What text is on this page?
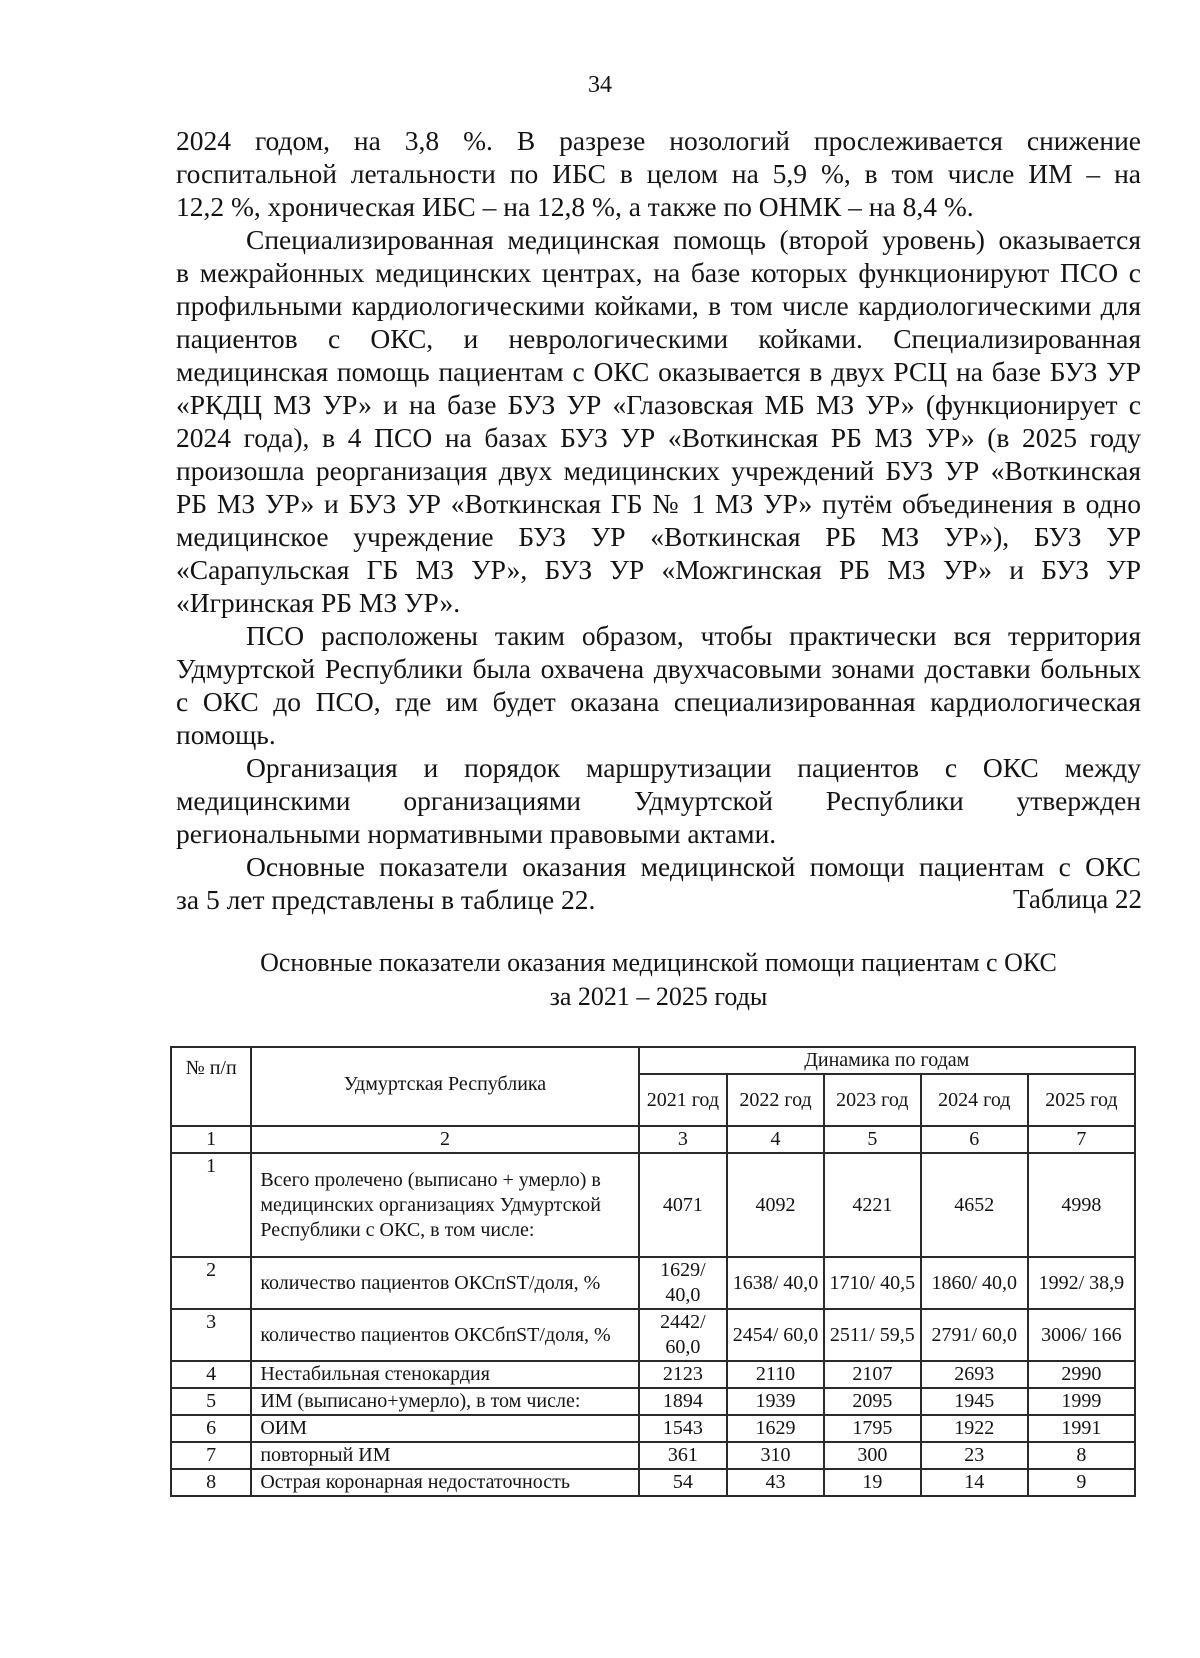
34

2024 годом, на 3,8 %. В разрезе нозологий прослеживается снижение

госпитальной летальности по ИБС в целом на 5,9 %, в том числе ИМ – на

12,2 %, хроническая ИБС – на 12,8 %, а также по ОНМК – на 8,4 %.

Специализированная медицинская помощь (второй уровень) оказывается

в межрайонных медицинских центрах, на базе которых функционируют ПСО с

профильными кардиологическими койками, в том числе кардиологическими для

пациентов с ОКС, и неврологическими койками. Специализированная

медицинская помощь пациентам с ОКС оказывается в двух РСЦ на базе БУЗ УР

«РКДЦ МЗ УР» и на базе БУЗ УР «Глазовская МБ МЗ УР» (функционирует с

2024 года), в 4 ПСО на базах БУЗ УР «Воткинская РБ МЗ УР» (в 2025 году

произошла реорганизация двух медицинских учреждений БУЗ УР «Воткинская

РБ МЗ УР» и БУЗ УР «Воткинская ГБ № 1 МЗ УР» путём объединения в одно

медицинское учреждение БУЗ УР «Воткинская РБ МЗ УР»), БУЗ УР

«Сарапульская ГБ МЗ УР», БУЗ УР «Можгинская РБ МЗ УР» и БУЗ УР

«Игринская РБ МЗ УР».

ПСО расположены таким образом, чтобы практически вся территория

Удмуртской Республики была охвачена двухчасовыми зонами доставки больных

с ОКС до ПСО, где им будет оказана специализированная кардиологическая

помощь.

Организация и порядок маршрутизации пациентов с ОКС между

медицинскими организациями Удмуртской Республики утвержден

региональными нормативными правовыми актами.

Основные показатели оказания медицинской помощи пациентам с ОКС

за 5 лет представлены в таблице 22.	Таблица 22
Основные показатели оказания медицинской помощи пациентам с ОКС
за 2021 – 2025 годы
№ п/п	Удмуртская Республика	Динамика по годам				
		2021 год	2022 год	2023 год	2024 год	2025 год
1	2	3	4	5	6	7
1	Всего пролечено (выписано + умерло) в медицинских организациях Удмуртской Республики с ОКС, в том числе:	4071	4092	4221	4652	4998
2	количество пациентов ОКСпST/доля, %	1629/ 40,0	1638/ 40,0	1710/ 40,5	1860/ 40,0	1992/ 38,9
3	количество пациентов ОКСбпST/доля, %	2442/ 60,0	2454/ 60,0	2511/ 59,5	2791/ 60,0	3006/ 166
4	Нестабильная стенокардия	2123	2110	2107	2693	2990
5	ИМ (выписано+умерло), в том числе:	1894	1939	2095	1945	1999
6	ОИМ	1543	1629	1795	1922	1991
7	повторный ИМ	361	310	300	23	8
8	Острая коронарная недостаточность	54	43	19	14	9
